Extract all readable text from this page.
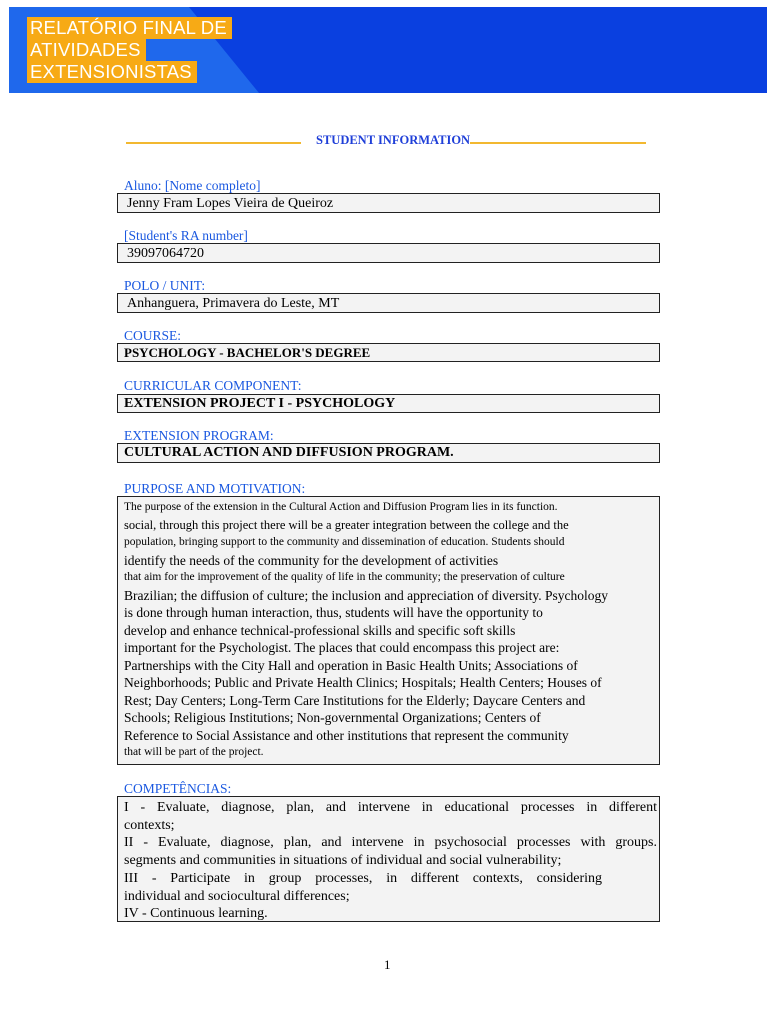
RELATÓRIO FINAL DE
ATIVIDADES
EXTENSIONISTAS
STUDENT INFORMATION
Aluno: [Nome completo]
Jenny Fram Lopes Vieira de Queiroz
[Student's RA number]
39097064720
POLO / UNIT:
Anhanguera, Primavera do Leste, MT
COURSE:
PSYCHOLOGY - BACHELOR'S DEGREE
CURRICULAR COMPONENT:
EXTENSION PROJECT I - PSYCHOLOGY
EXTENSION PROGRAM:
CULTURAL ACTION AND DIFFUSION PROGRAM.
PURPOSE AND MOTIVATION:
The purpose of the extension in the Cultural Action and Diffusion Program lies in its function.
social, through this project there will be a greater integration between the college and the
population, bringing support to the community and dissemination of education. Students should
identify the needs of the community for the development of activities
that aim for the improvement of the quality of life in the community; the preservation of culture
Brazilian; the diffusion of culture; the inclusion and appreciation of diversity. Psychology
is done through human interaction, thus, students will have the opportunity to
develop and enhance technical-professional skills and specific soft skills
important for the Psychologist. The places that could encompass this project are:
Partnerships with the City Hall and operation in Basic Health Units; Associations of
Neighborhoods; Public and Private Health Clinics; Hospitals; Health Centers; Houses of
Rest; Day Centers; Long-Term Care Institutions for the Elderly; Daycare Centers and
Schools; Religious Institutions; Non-governmental Organizations; Centers of
Reference to Social Assistance and other institutions that represent the community
that will be part of the project.
COMPETÊNCIAS:
I - Evaluate, diagnose, plan, and intervene in educational processes in different
contexts;
II - Evaluate, diagnose, plan, and intervene in psychosocial processes with groups.
segments and communities in situations of individual and social vulnerability;
III - Participate in group processes, in different contexts, considering
individual and sociocultural differences;
IV - Continuous learning.
1
